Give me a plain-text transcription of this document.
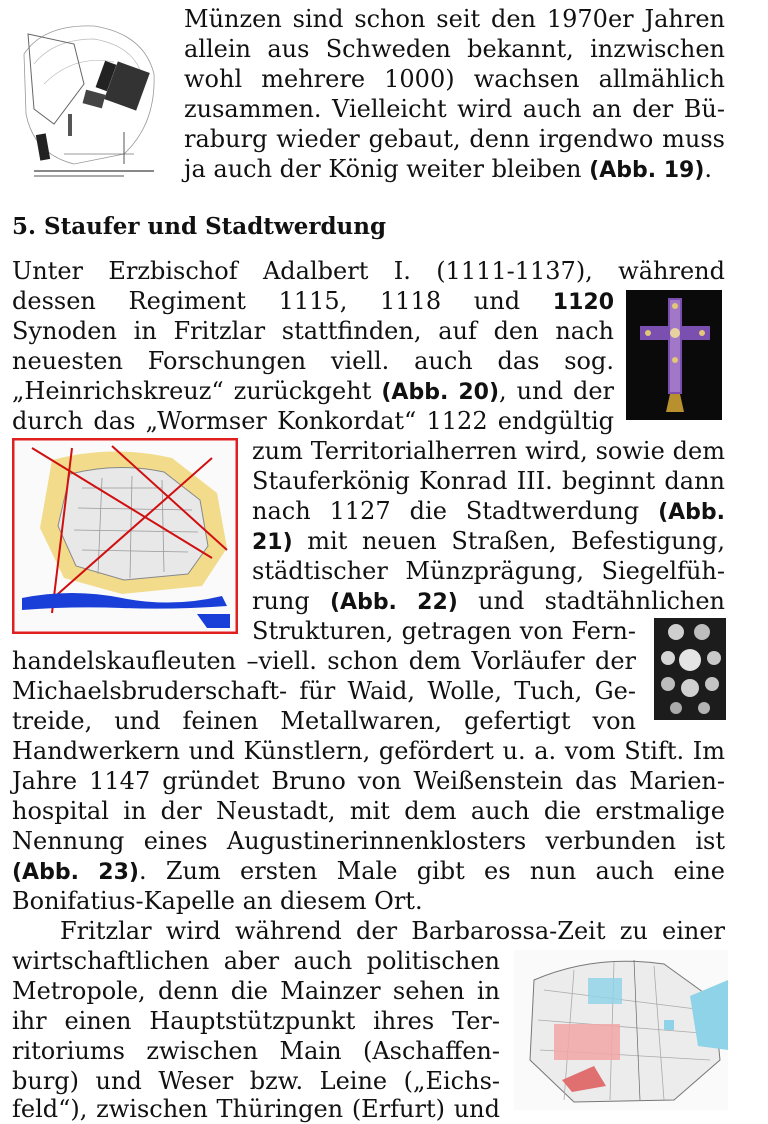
Münzen sind schon seit den 1970er Jahren
allein aus Schweden bekannt, inzwischen
wohl mehrere 1000) wachsen allmählich
zusammen. Vielleicht wird auch an der Bü-
raburg wieder gebaut, denn irgendwo muss
ja auch der König weiter bleiben (Abb. 19).
5. Staufer und Stadtwerdung
Unter Erzbischof Adalbert I. (1111-1137), während
dessen Regiment 1115, 1118 und 1120
Synoden in Fritzlar stattfinden, auf den nach
neuesten Forschungen viell. auch das sog.
„Heinrichskreuz“ zurückgeht (Abb. 20), und der
durch das „Wormser Konkordat“ 1122 endgültig
zum Territorialherren wird, sowie dem
Stauferkönig Konrad III. beginnt dann
nach 1127 die Stadtwerdung (Abb.
21) mit neuen Straßen, Befestigung,
städtischer Münzprägung, Siegelfüh-
rung (Abb. 22) und stadtähnlichen
Strukturen, getragen von Fern-
handelskaufleuten –viell. schon dem Vorläufer der
Michaelsbruderschaft- für Waid, Wolle, Tuch, Ge-
treide, und feinen Metallwaren, gefertigt von
Handwerkern und Künstlern, gefördert u. a. vom Stift. Im
Jahre 1147 gründet Bruno von Weißenstein das Marien-
hospital in der Neustadt, mit dem auch die erstmalige
Nennung eines Augustinerinnenklosters verbunden ist
(Abb. 23). Zum ersten Male gibt es nun auch eine
Bonifatius-Kapelle an diesem Ort.
Fritzlar wird während der Barbarossa-Zeit zu einer
wirtschaftlichen aber auch politischen
Metropole, denn die Mainzer sehen in
ihr einen Hauptstützpunkt ihres Ter-
ritoriums zwischen Main (Aschaffen-
burg) und Weser bzw. Leine („Eichs-
feld“), zwischen Thüringen (Erfurt) und
